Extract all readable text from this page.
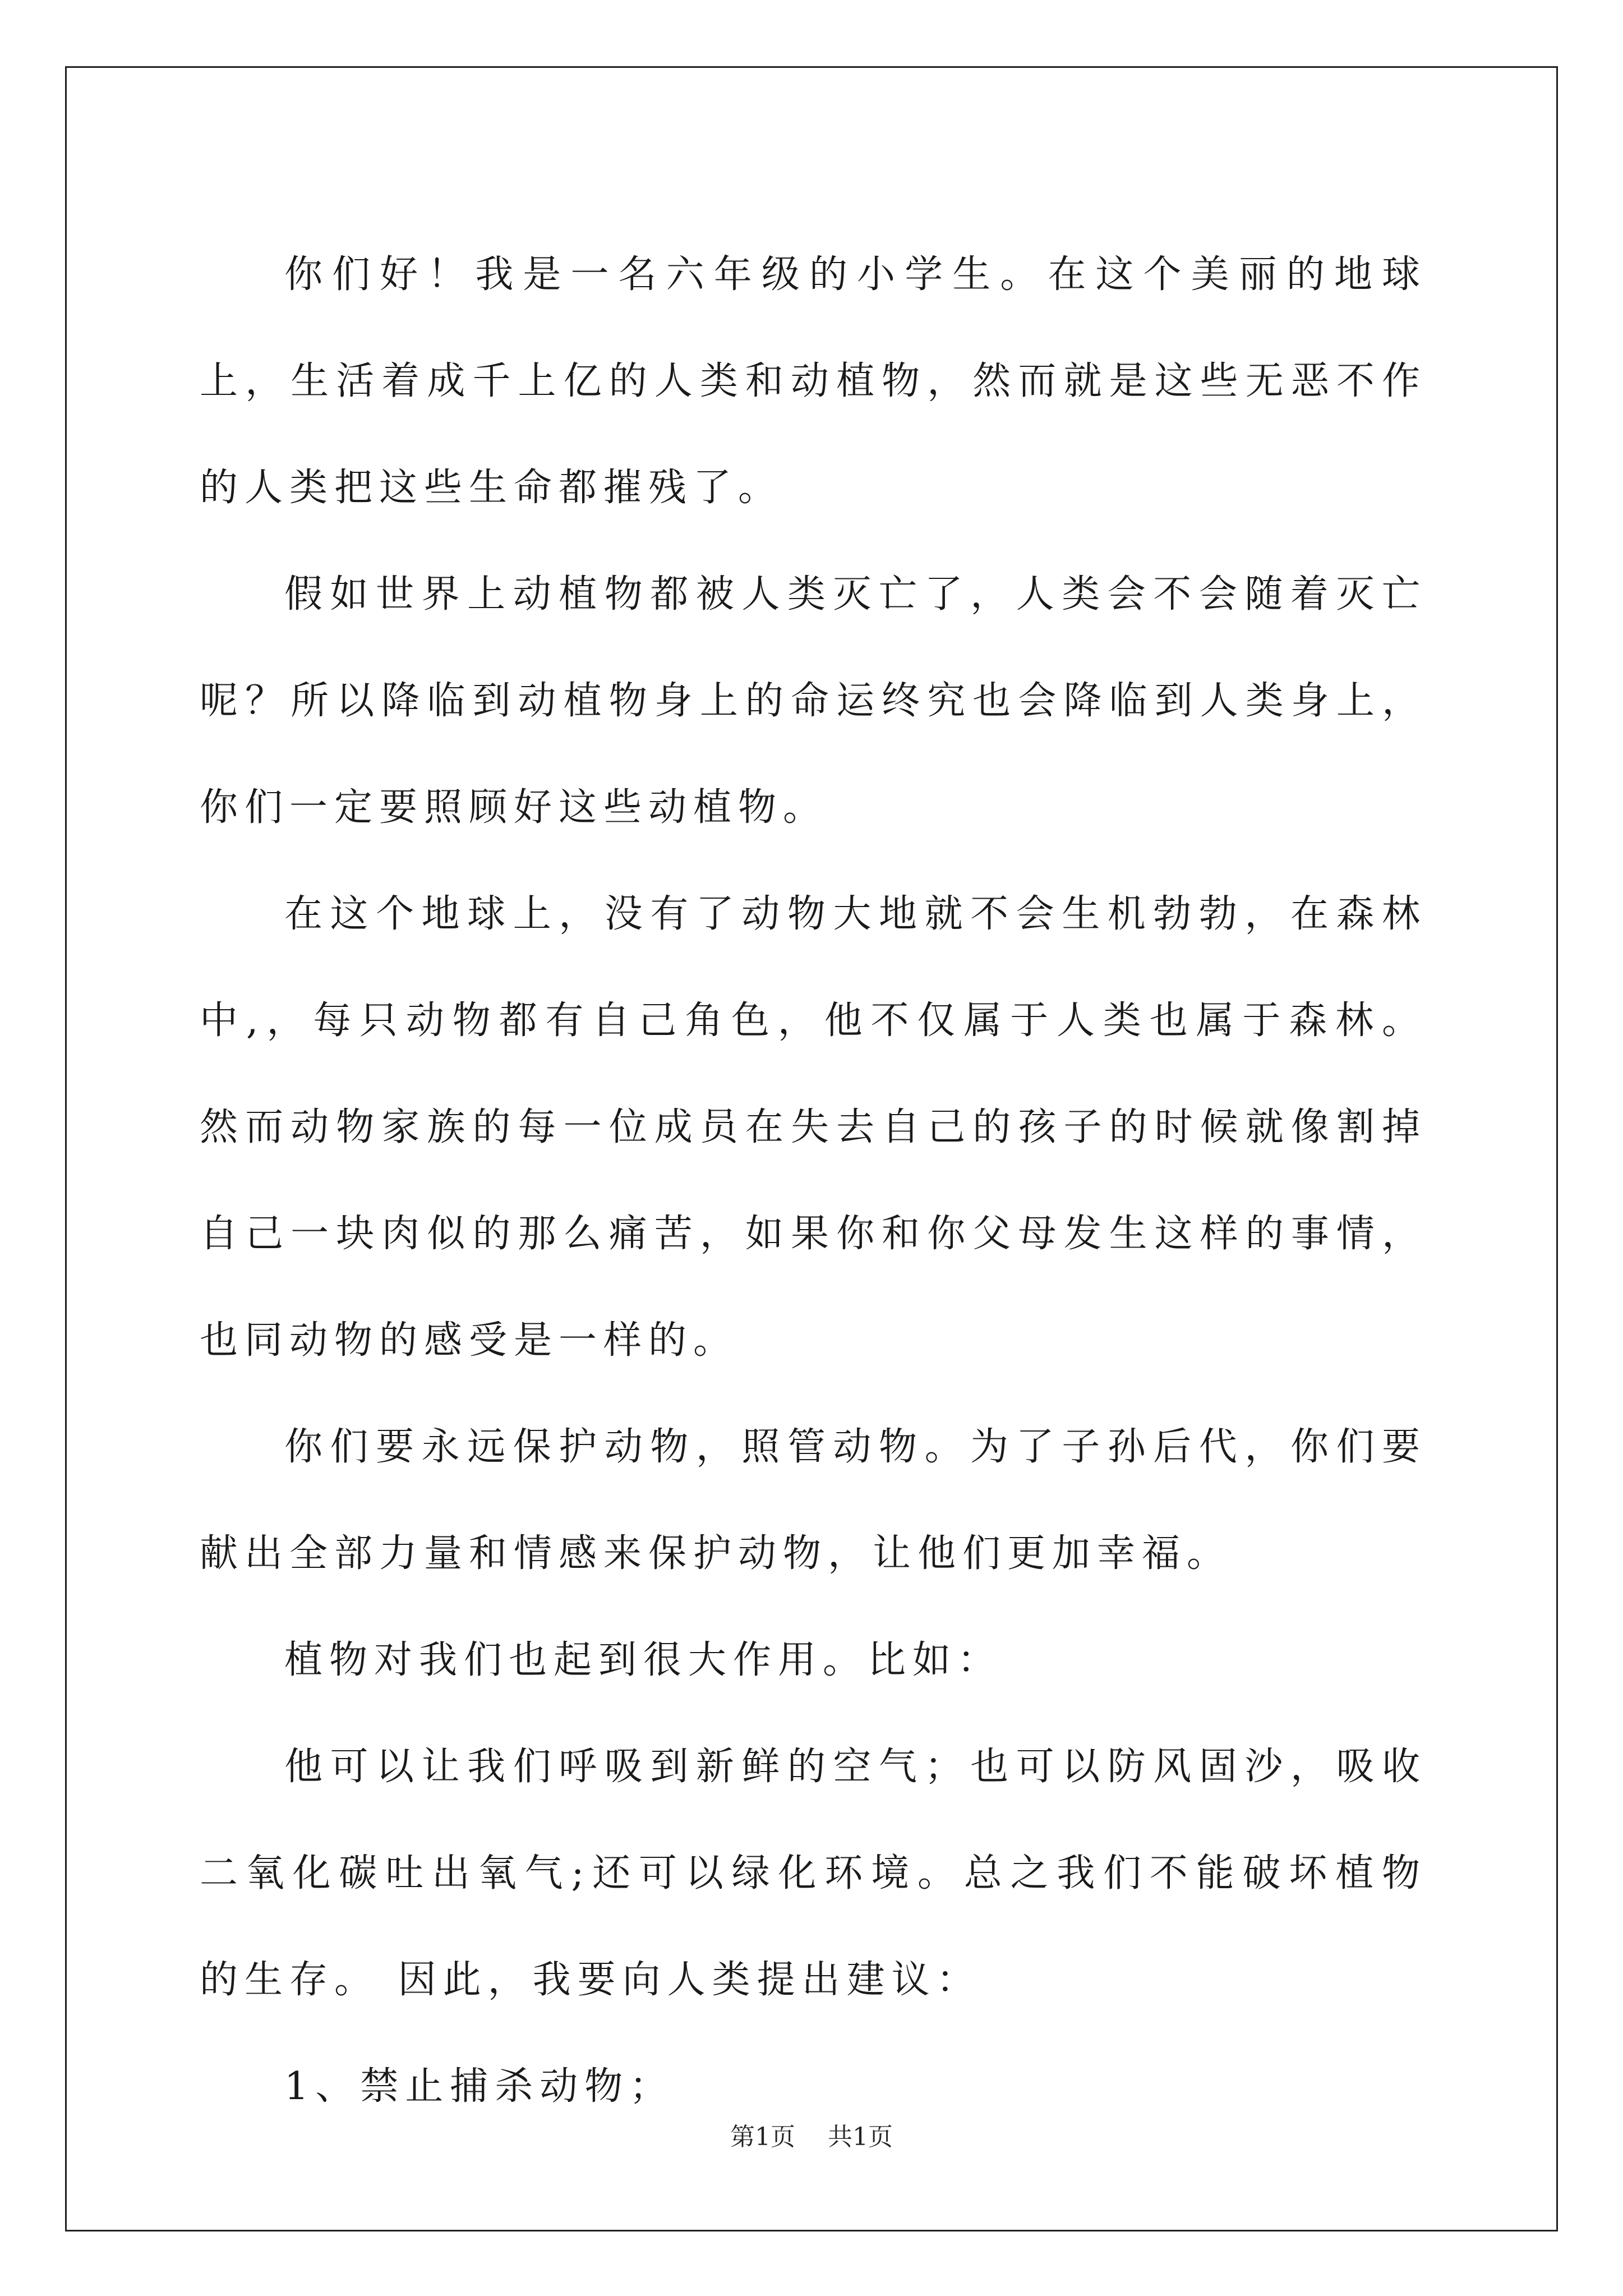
你们好！我是一名六年级的小学生。在这个美丽的地球上，生活着成千上亿的人类和动植物，然而就是这些无恶不作的人类把这些生命都摧残了。

假如世界上动植物都被人类灭亡了，人类会不会随着灭亡呢？所以降临到动植物身上的命运终究也会降临到人类身上，你们一定要照顾好这些动植物。

在这个地球上，没有了动物大地就不会生机勃勃，在森林中,，每只动物都有自己角色，他不仅属于人类也属于森林。然而动物家族的每一位成员在失去自己的孩子的时候就像割掉自己一块肉似的那么痛苦，如果你和你父母发生这样的事情，也同动物的感受是一样的。

你们要永远保护动物，照管动物。为了子孙后代，你们要献出全部力量和情感来保护动物，让他们更加幸福。

植物对我们也起到很大作用。比如：

他可以让我们呼吸到新鲜的空气；也可以防风固沙，吸收二氧化碳吐出氧气;还可以绿化环境。总之我们不能破坏植物的生存。 因此，我要向人类提出建议：

1、禁止捕杀动物；

第1页 共1页
